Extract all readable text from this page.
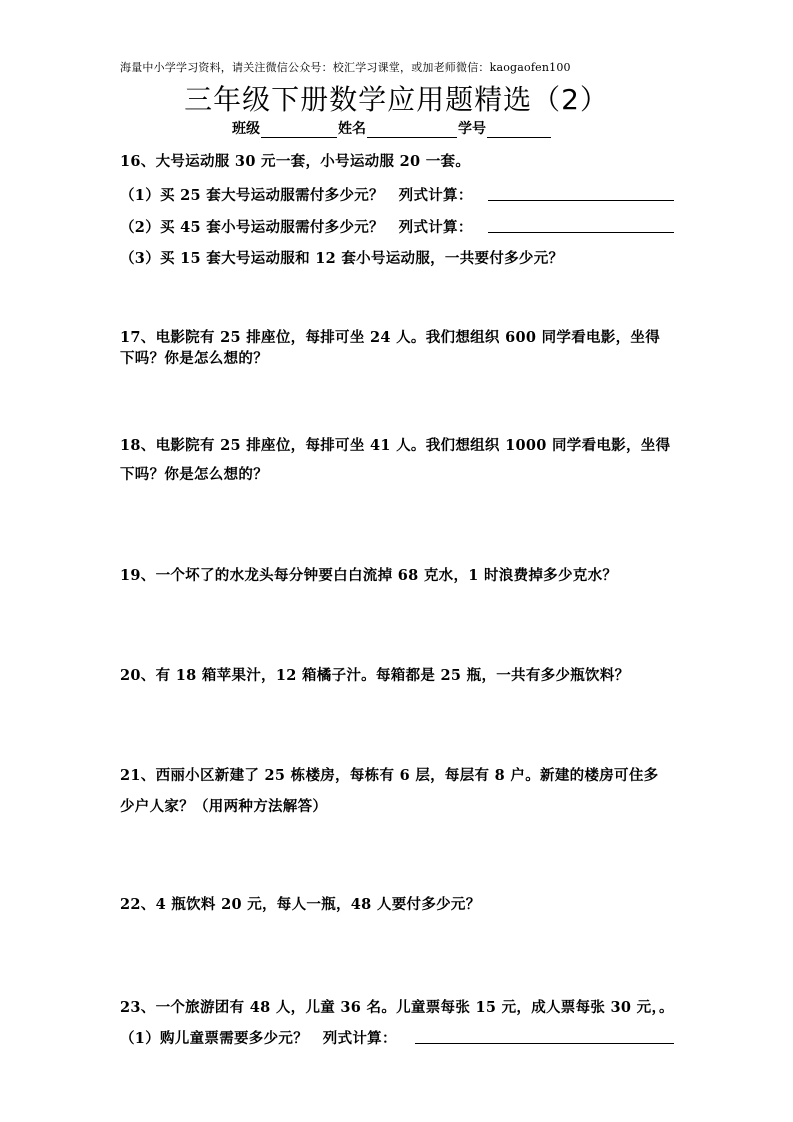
海量中小学学习资料，请关注微信公众号：校汇学习课堂，或加老师微信：kaogaofen100
三年级下册数学应用题精选（2）
班级	姓名	学号
16、大号运动服 30 元一套，小号运动服 20 一套。
（1）买 25 套大号运动服需付多少元？　列式计算：
（2）买 45 套小号运动服需付多少元？　列式计算：
（3）买 15 套大号运动服和 12 套小号运动服，一共要付多少元？
17、电影院有 25 排座位，每排可坐 24 人。我们想组织 600 同学看电影，坐得
下吗？你是怎么想的？
18、电影院有 25 排座位，每排可坐 41 人。我们想组织 1000 同学看电影，坐得
下吗？你是怎么想的？
19、一个坏了的水龙头每分钟要白白流掉 68 克水，1 时浪费掉多少克水？
20、有 18 箱苹果汁，12 箱橘子汁。每箱都是 25 瓶，一共有多少瓶饮料？
21、西丽小区新建了 25 栋楼房，每栋有 6 层，每层有 8 户。新建的楼房可住多
少户人家？（用两种方法解答）
22、4 瓶饮料 20 元，每人一瓶，48 人要付多少元？
23、一个旅游团有 48 人，儿童 36 名。儿童票每张 15 元，成人票每张 30 元，。
（1）购儿童票需要多少元？　列式计算：
